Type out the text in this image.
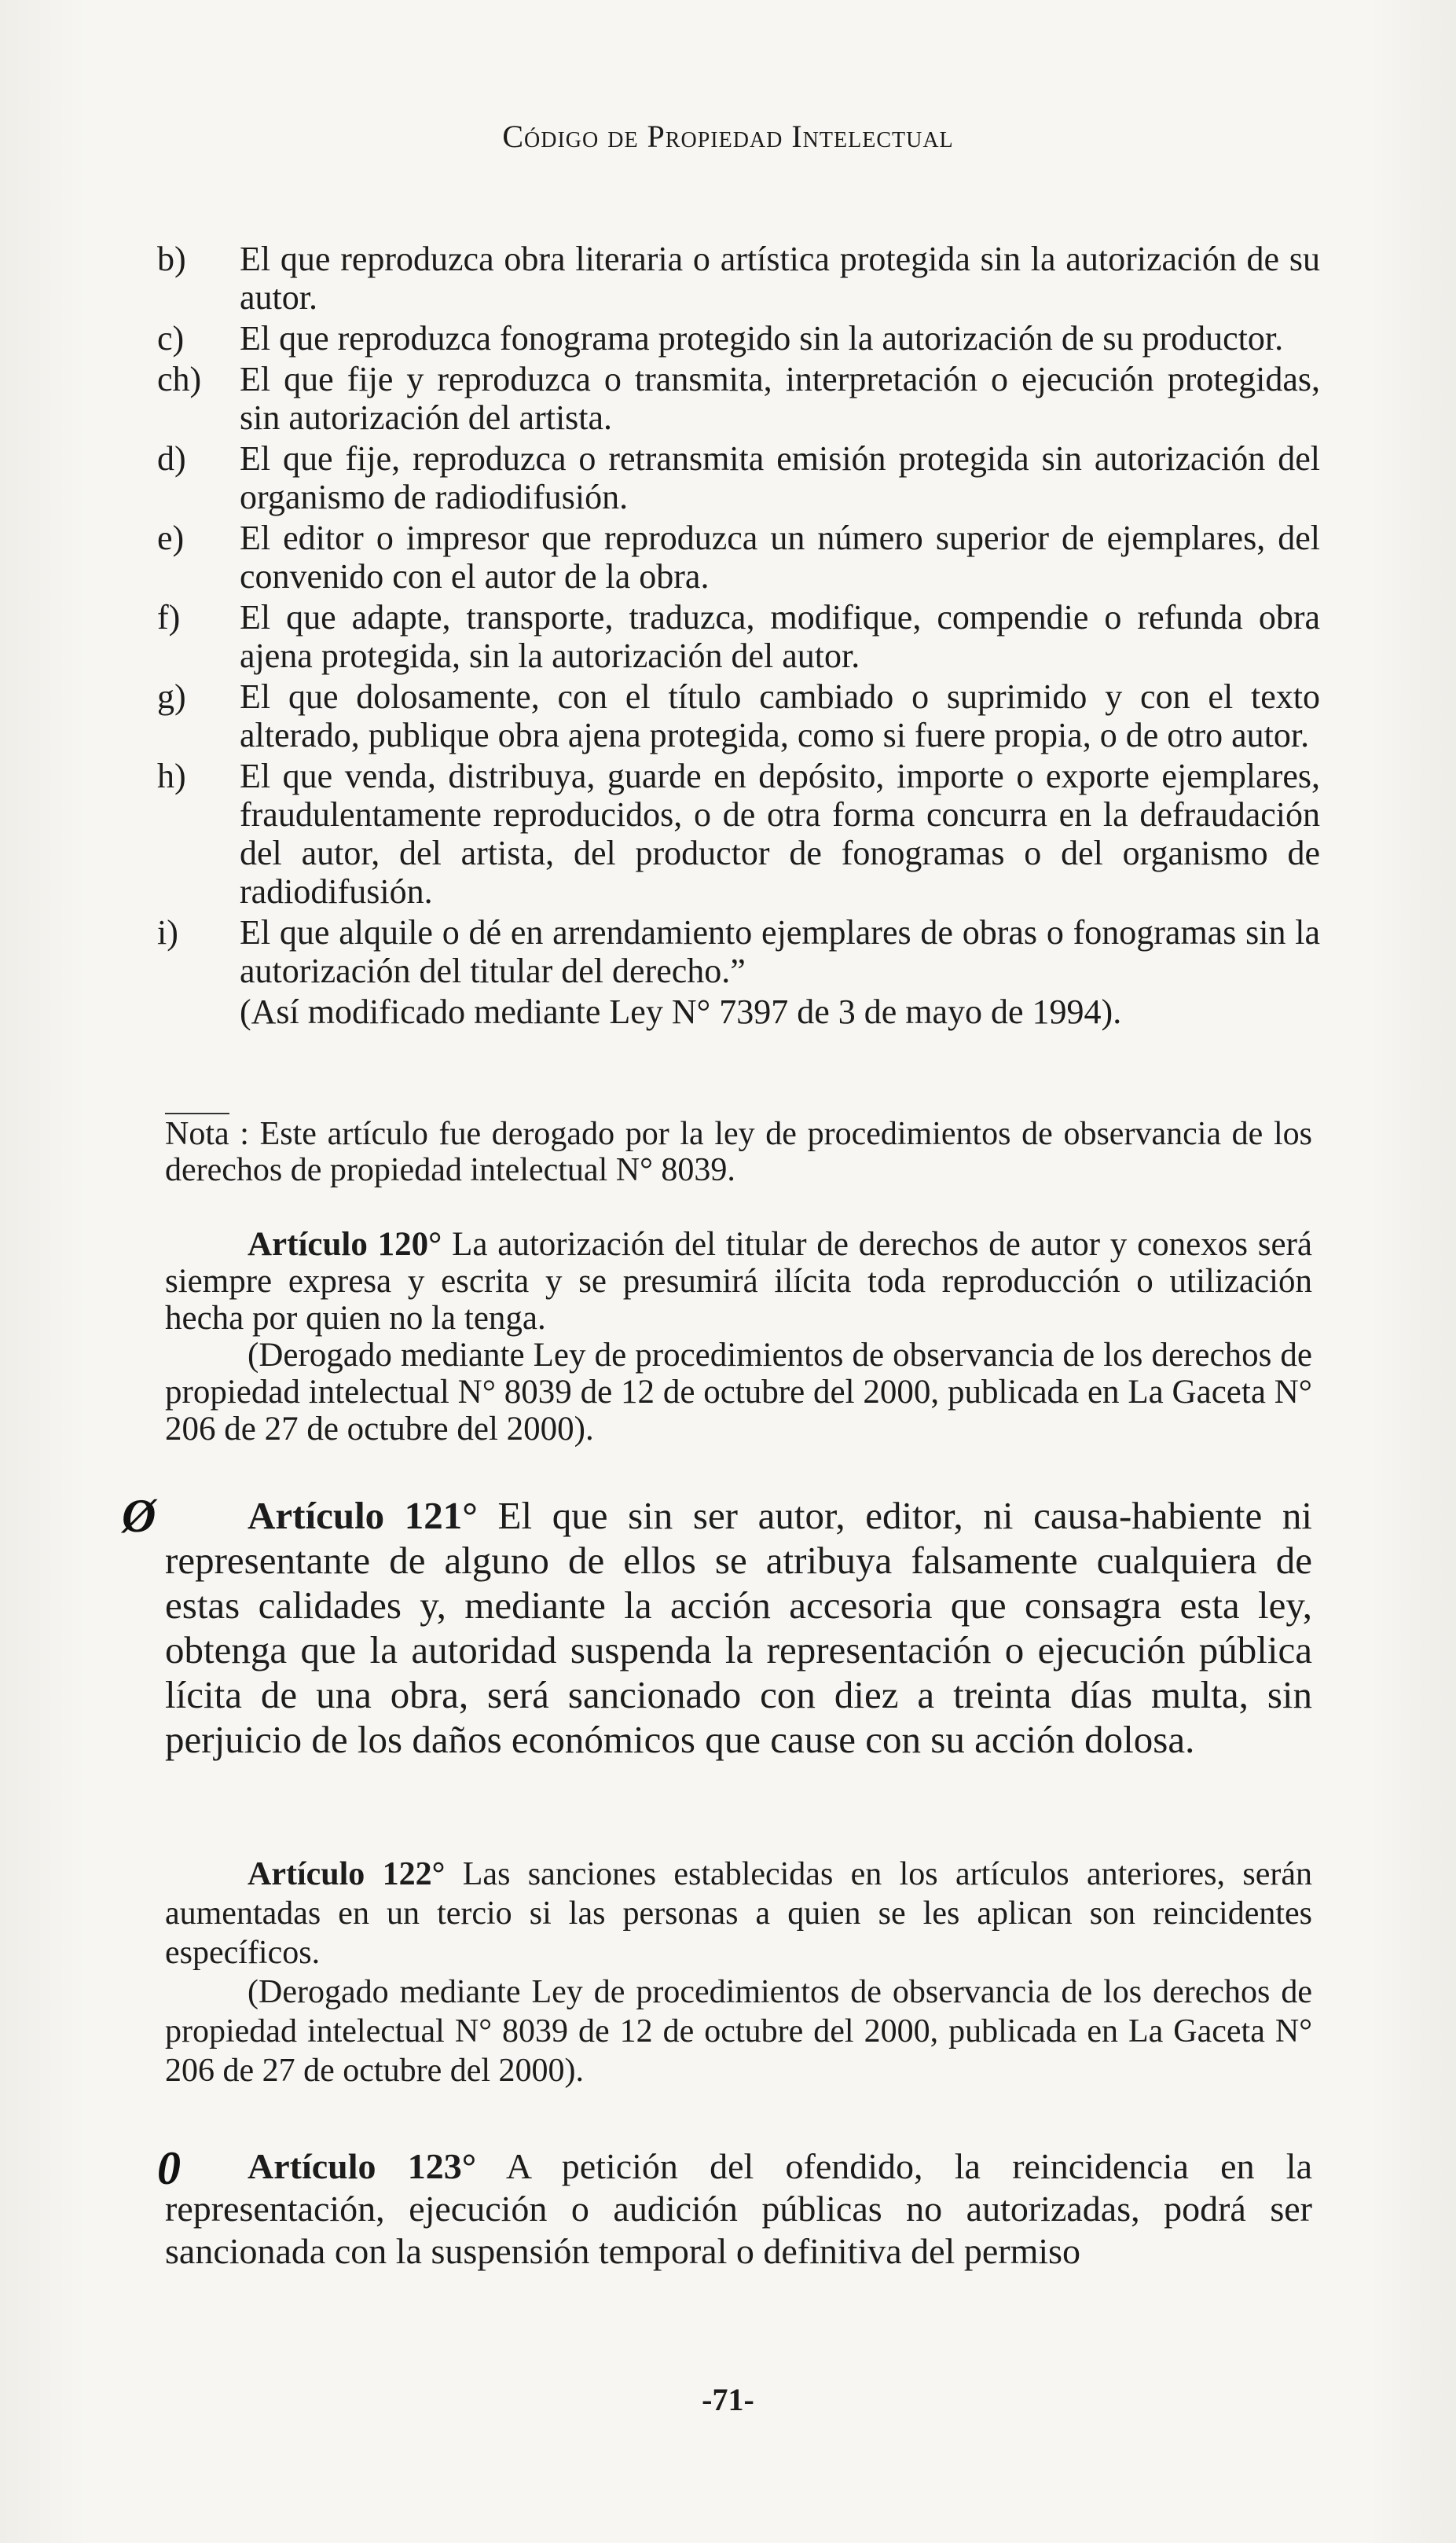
Código de Propiedad Intelectual
b)	El que reproduzca obra literaria o artística protegida sin la autorización de su autor.
c)	El que reproduzca fonograma protegido sin la autorización de su productor.
ch)	El que fije y reproduzca o transmita, interpretación o ejecución protegidas, sin autorización del artista.
d)	El que fije, reproduzca o retransmita emisión protegida sin autorización del organismo de radiodifusión.
e)	El editor o impresor que reproduzca un número superior de ejemplares, del convenido con el autor de la obra.
f)	El que adapte, transporte, traduzca, modifique, compendie o refunda obra ajena protegida, sin la autorización del autor.
g)	El que dolosamente, con el título cambiado o suprimido y con el texto alterado, publique obra ajena protegida, como si fuere propia, o de otro autor.
h)	El que venda, distribuya, guarde en depósito, importe o exporte ejemplares, fraudulentamente reproducidos, o de otra forma concurra en la defraudación del autor, del artista, del productor de fonogramas o del organismo de radiodifusión.
i)	El que alquile o dé en arrendamiento ejemplares de obras o fonogramas sin la autorización del titular del derecho.”
(Así modificado mediante Ley N° 7397 de 3 de mayo de 1994).
Nota : Este artículo fue derogado por la ley de procedimientos de observancia de los derechos de propiedad intelectual N° 8039.

Artículo 120° La autorización del titular de derechos de autor y conexos será siempre expresa y escrita y se presumirá ilícita toda reproducción o utilización hecha por quien no la tenga.

(Derogado mediante Ley de procedimientos de observancia de los derechos de propiedad intelectual N° 8039 de 12 de octubre del 2000, publicada en La Gaceta N° 206 de 27 de octubre del 2000).

Ø	Artículo 121° El que sin ser autor, editor, ni causa-habiente ni representante de alguno de ellos se atribuya falsamente cualquiera de estas calidades y, mediante la acción accesoria que consagra esta ley, obtenga que la autoridad suspenda la representación o ejecución pública lícita de una obra, será sancionado con diez a treinta días multa, sin perjuicio de los daños económicos que cause con su acción dolosa.

Artículo 122° Las sanciones establecidas en los artículos anteriores, serán aumentadas en un tercio si las personas a quien se les aplican son reincidentes específicos.

(Derogado mediante Ley de procedimientos de observancia de los derechos de propiedad intelectual N° 8039 de 12 de octubre del 2000, publicada en La Gaceta N° 206 de 27 de octubre del 2000).

0	Artículo 123° A petición del ofendido, la reincidencia en la representación, ejecución o audición públicas no autorizadas, podrá ser sancionada con la suspensión temporal o definitiva del permiso

-71-
